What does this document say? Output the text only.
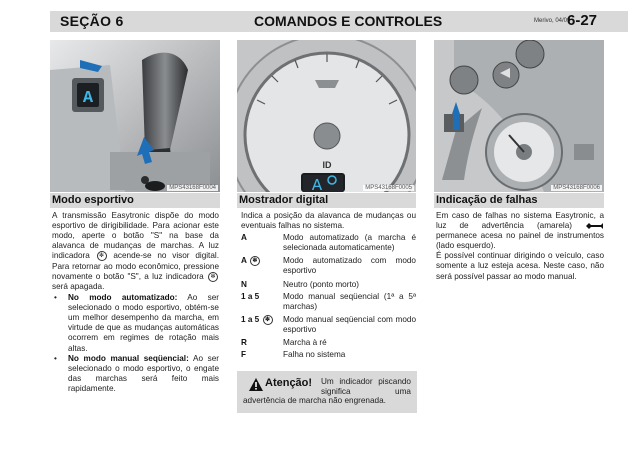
SEÇÃO 6	COMANDOS E CONTROLES	Merivo, 04/09
6-27
A
MPS43168F0004
ID
A	MPS43168F0005	MPS43168F0006
Modo esportivo

A transmissão Easytronic dispõe do modo esportivo de dirigibilidade. Para acionar este modo, aperte o botão "S" na base da alavanca de mudanças de marchas. A luz indicadora ✻ acende-se no visor digital. Para retornar ao modo econômico, pressione novamente o botão "S", a luz indicadora ✻ será apagada.

• No modo automatizado: Ao ser selecionado o modo esportivo, obtém-se um melhor desempenho da marcha, em virtude de que as mudanças automáticas ocorrem em regimes de rotação mais altas.
• No modo manual seqüencial: Ao ser selecionado o modo esportivo, o engate das marchas será feito mais rapidamente.
Mostrador digital

Indica a posição da alavanca de mudanças ou eventuais falhas no sistema.

A	Modo automatizado (a marcha é selecionada automaticamente)
A ✻	Modo automatizado com modo esportivo
N	Neutro (ponto morto)
1 a 5	Modo manual seqüencial (1ª a 5ª marchas)
1 a 5 ✻	Modo manual seqüencial com modo esportivo
R	Marcha à ré
F	Falha no sistema
Atenção! Um indicador piscando significa uma advertência de marcha não engrenada.
Indicação de falhas

Em caso de falhas no sistema Easytronic, a luz de advertência (amarela)  permanece acesa no painel de instrumentos (lado esquerdo).

É possível continuar dirigindo o veículo, caso somente a luz esteja acesa. Neste caso, não será possível passar ao modo manual.
